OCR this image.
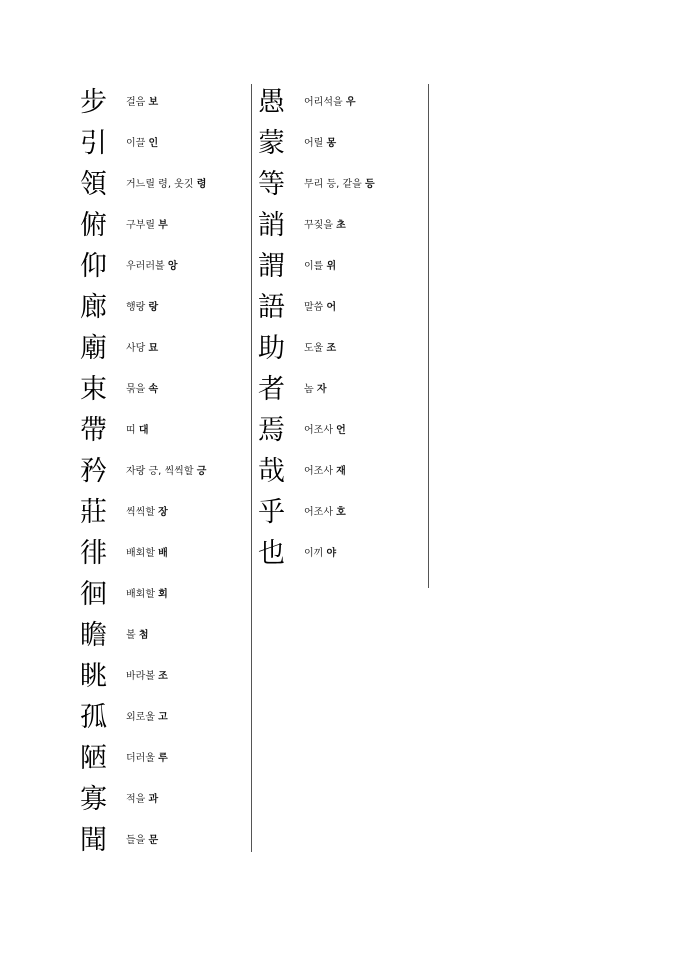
步	걸음 보
引	이끌 인
領	거느릴 령, 옷깃 령
俯	구부릴 부
仰	우러러볼 앙
廊	행랑 랑
廟	사당 묘
束	묶을 속
帶	띠 대
矜	자랑 긍, 씩씩할 긍
莊	씩씩할 장
徘	배회할 배
徊	배회할 회
瞻	볼 첨
眺	바라볼 조
孤	외로울 고
陋	더러울 루
寡	적을 과
聞	들을 문
愚	어리석을 우
蒙	어릴 몽
等	무리 등, 같을 등
誚	꾸짖을 초
謂	이를 위
語	말씀 어
助	도울 조
者	놈 자
焉	어조사 언
哉	어조사 재
乎	어조사 호
也	이끼 야
